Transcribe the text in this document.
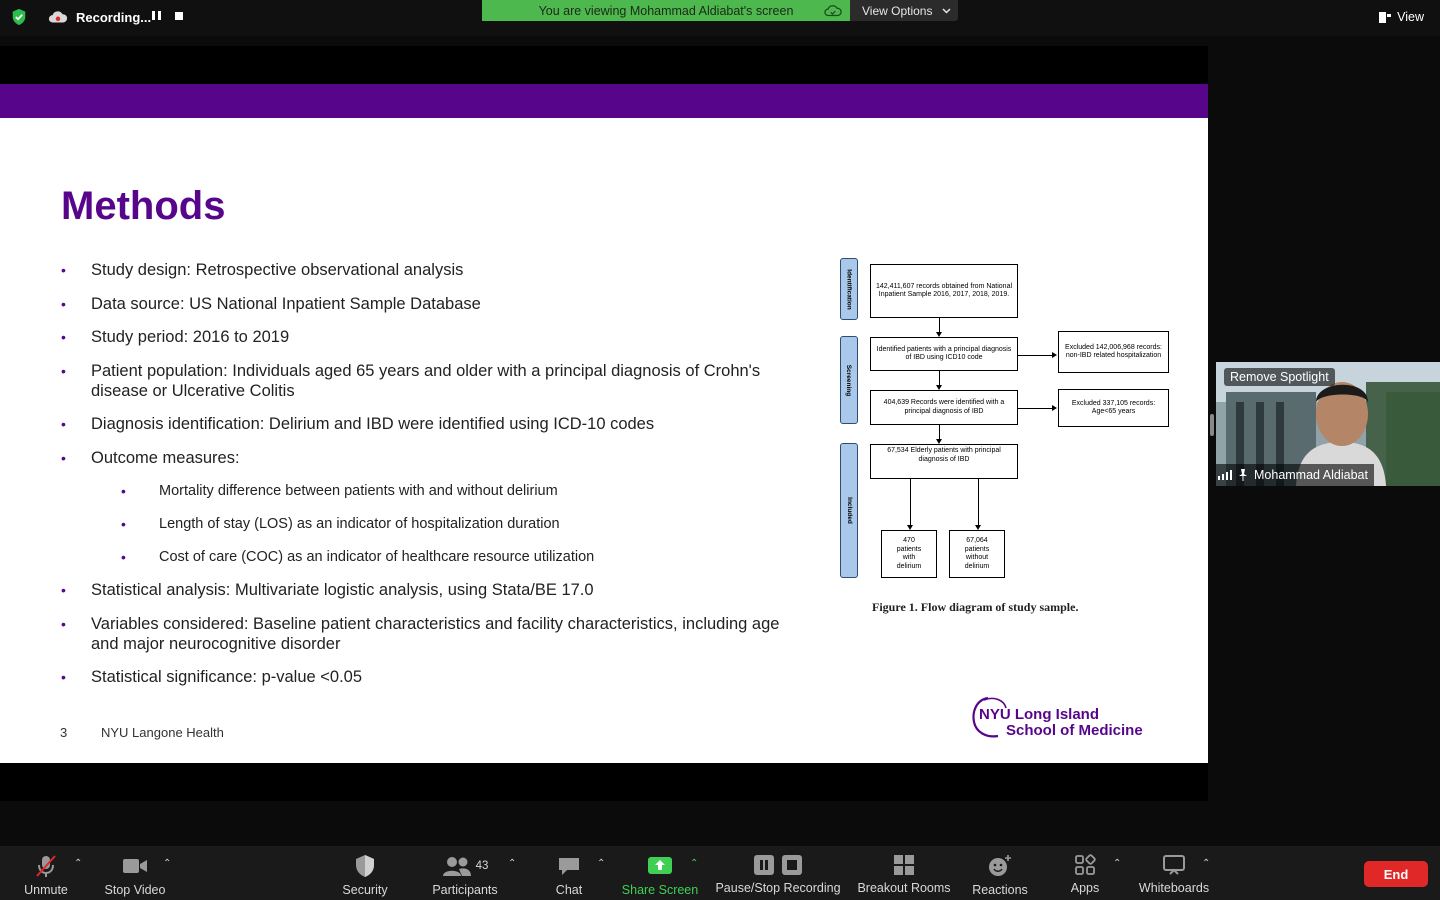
Recording...	You are viewing Mohammad Aldiabat's screen	View Options	View
Methods
• Study design: Retrospective observational analysis
• Data source: US National Inpatient Sample Database
• Study period: 2016 to 2019
• Patient population: Individuals aged 65 years and older with a principal diagnosis of Crohn's disease or Ulcerative Colitis
• Diagnosis identification: Delirium and IBD were identified using ICD-10 codes
• Outcome measures:
• Mortality difference between patients with and without delirium
• Length of stay (LOS) as an indicator of hospitalization duration
• Cost of care (COC) as an indicator of healthcare resource utilization
• Statistical analysis: Multivariate logistic analysis, using Stata/BE 17.0
• Variables considered: Baseline patient characteristics and facility characteristics, including age and major neurocognitive disorder
• Statistical significance: p-value <0.05
Identification
Screening
Included
142,411,607 records obtained from National Inpatient Sample 2016, 2017, 2018, 2019.
Identified patients with a principal diagnosis of IBD using ICD10 code
404,639 Records were identified with a principal diagnosis of IBD
67,534 Elderly patients with principal diagnosis of IBD
Excluded 142,006,968 records: non-IBD related hospitalization
Excluded 337,105 records: Age<65 years
470 patients with delirium
67,064 patients without delirium
Figure 1. Flow diagram of study sample.
3	NYU Langone Health
NYU Long Island
School of Medicine
Remove Spotlight
Mohammad Aldiabat
Unmute
⌃
Stop Video
⌃
Security
43
Participants
⌃
Chat
⌃
Share Screen
⌃
Pause/Stop Recording Breakout Rooms Reactions	Apps
⌃
Whiteboards
⌃
End
